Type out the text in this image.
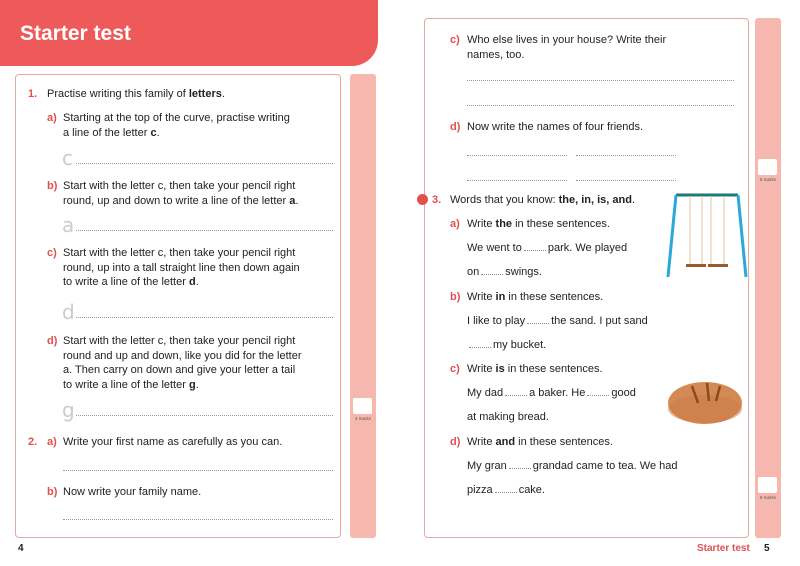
Starter test
4 marks
4
8 marks
8 marks
Starter test 5
1. Practise writing this family of letters.
a) Starting at the top of the curve, practise writing
a line of the letter c.
c
b) Start with the letter c, then take your pencil right
round, up and down to write a line of the letter a.
a
c) Start with the letter c, then take your pencil right
round, up into a tall straight line then down again
to write a line of the letter d.
d
d) Start with the letter c, then take your pencil right
round and up and down, like you did for the letter
a. Then carry on down and give your letter a tail
to write a line of the letter g.
g
2. a) Write your first name as carefully as you can.
b) Now write your family name.
c) Who else lives in your house? Write their
names, too.
d) Now write the names of four friends.
3. Words that you know: the, in, is, and.
a) Write the in these sentences.
We went to park. We played
on swings.
b) Write in in these sentences.
I like to play the sand. I put sand
my bucket.
c) Write is in these sentences.
My dad a baker. He good
at making bread.
d) Write and in these sentences.
My gran grandad came to tea. We had
pizza cake.
